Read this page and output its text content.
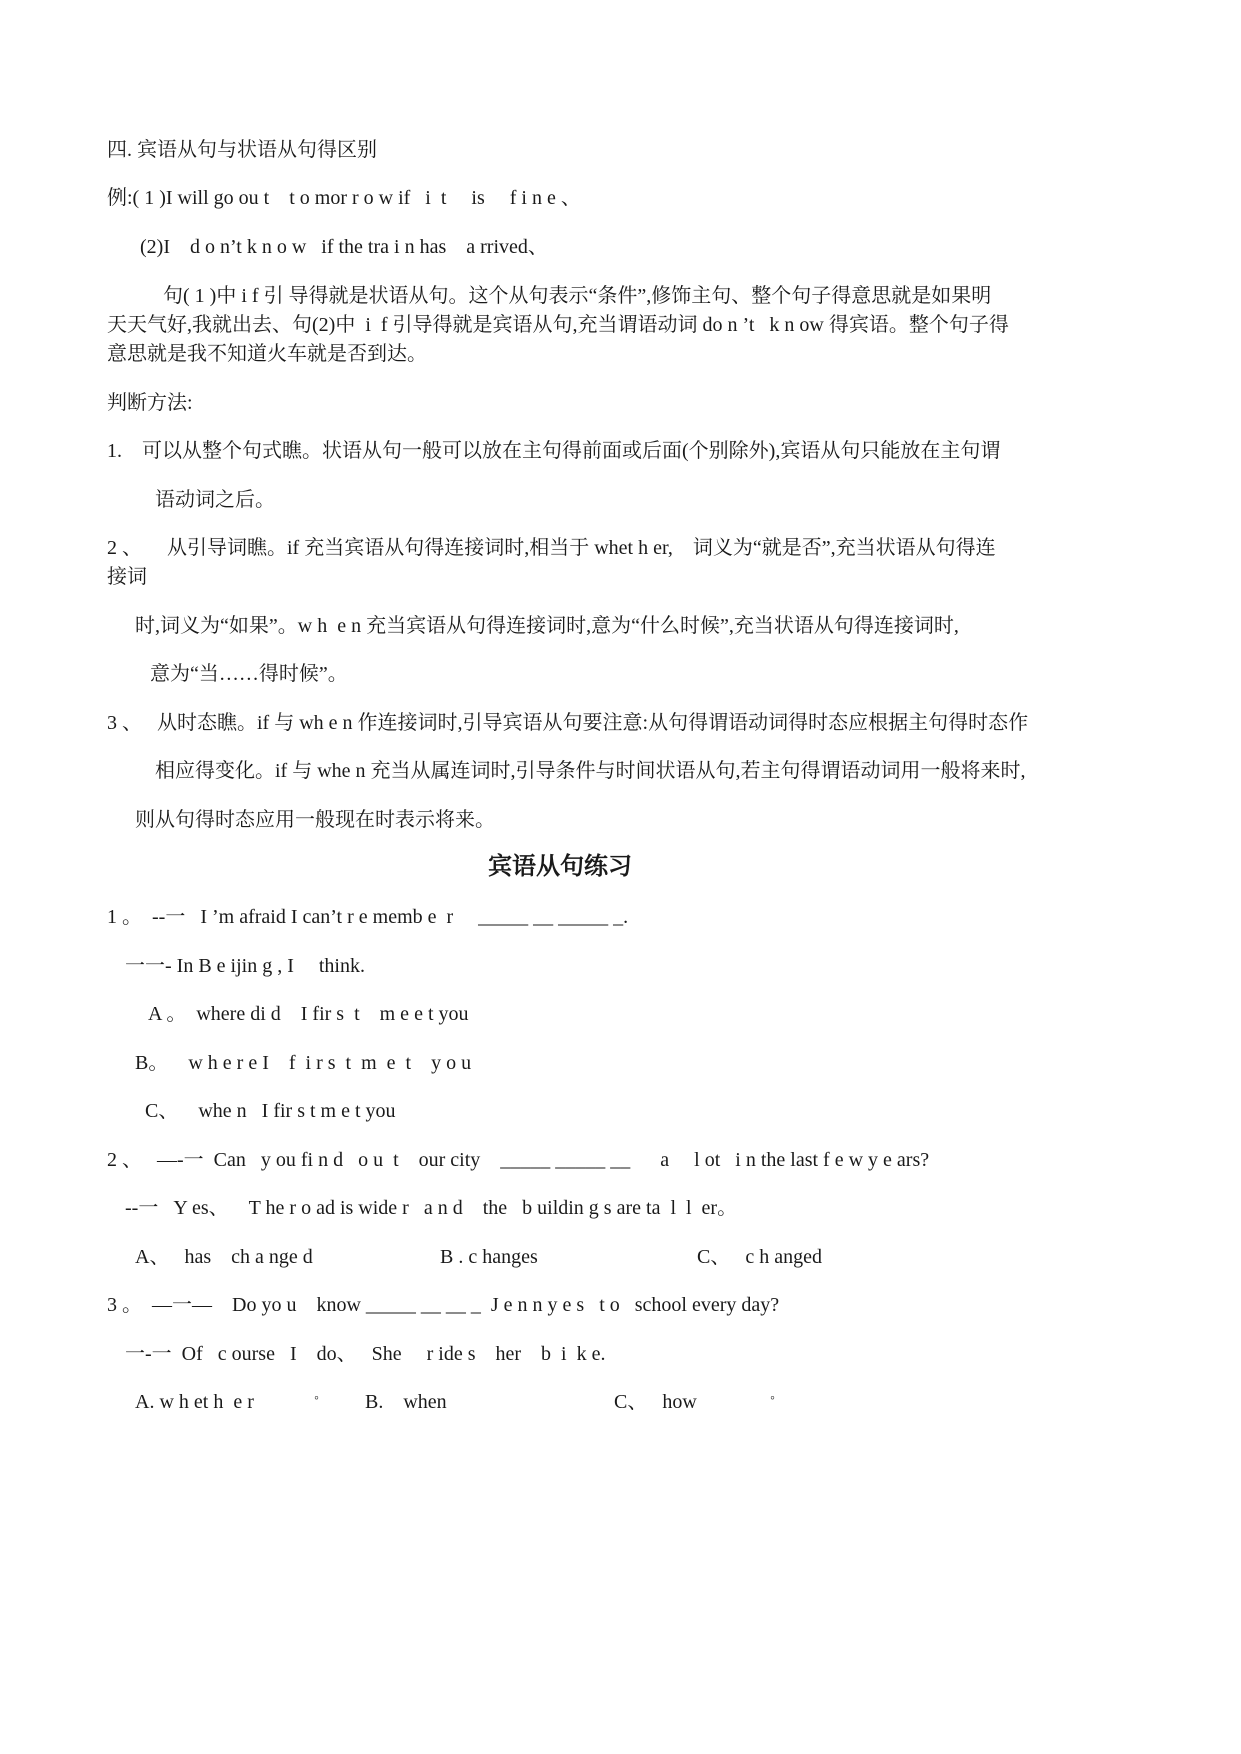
四. 宾语从句与状语从句得区别
例:( 1 )I will go ou t    t o mor r o w if   i  t     is     f i n e 、
(2)I    d o n’t k n o w   if the tra i n has    a rrived、
句( 1 )中 i f 引 导得就是状语从句。这个从句表示“条件”,修饰主句、整个句子得意思就是如果明
天天气好,我就出去、句(2)中  i  f 引导得就是宾语从句,充当谓语动词 do n ’t   k n ow 得宾语。整个句子得
意思就是我不知道火车就是否到达。
判断方法:
1.    可以从整个句式瞧。状语从句一般可以放在主句得前面或后面(个别除外),宾语从句只能放在主句谓
语动词之后。
2 、     从引导词瞧。if 充当宾语从句得连接词时,相当于 whet h er,    词义为“就是否”,充当状语从句得连
接词
时,词义为“如果”。w h  e n 充当宾语从句得连接词时,意为“什么时候”,充当状语从句得连接词时,
意为“当……得时候”。
3 、   从时态瞧。if 与 wh e n 作连接词时,引导宾语从句要注意:从句得谓语动词得时态应根据主句得时态作
相应得变化。if 与 whe n 充当从属连词时,引导条件与时间状语从句,若主句得谓语动词用一般将来时,
则从句得时态应用一般现在时表示将来。
宾语从句练习
1 。  --一   I ’m afraid I can’t r e memb e  r     _____ __ _____ _.
一一- In B e ijin g , I     think.
A 。  where di d    I fir s  t    m e e t you
B。    w h e r e I    f  i r s  t  m  e  t    y o u
C、    whe n   I fir s t m e t you
2 、   —-一  Can   y ou fi n d   o u  t    our city    _____ _____ __      a     l ot   i n the last f e w y e ars?
--一   Y es、    T he r o ad is wide r   a n d    the   b uildin g s are ta  l  l  er。
A、   has    ch a nge d	B . c hanges	C、   c h anged
3 。  —一—    Do yo u    know _____ __ __ _  J e n n y e s   t o   school every day?
一-一  Of   c ourse   I    do、   She     r ide s    her    b  i  k e.
A. w h et h  e r	◦ B.    when	C、   how	◦
